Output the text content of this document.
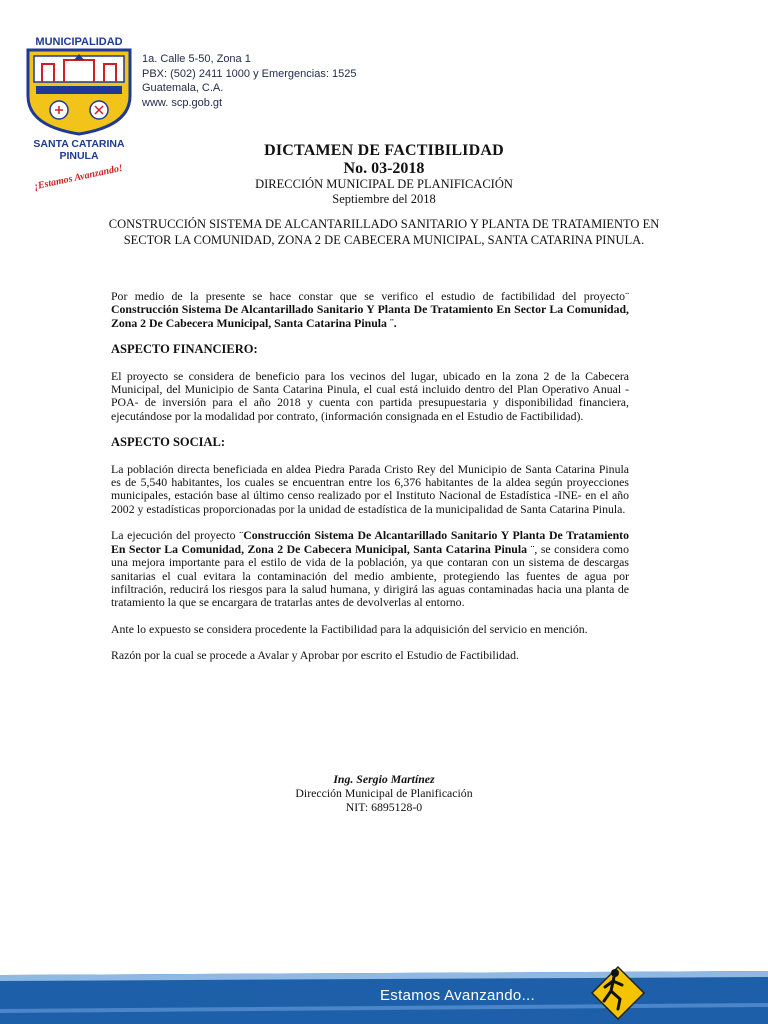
MUNICIPALIDAD
SANTA CATARINA
PINULA
¡Estamos Avanzando!
1a. Calle 5-50, Zona 1
PBX: (502) 2411 1000 y Emergencias: 1525
Guatemala, C.A.
www. scp.gob.gt
DICTAMEN DE FACTIBILIDAD
No. 03-2018
DIRECCIÓN MUNICIPAL DE PLANIFICACIÓN
Septiembre del 2018
CONSTRUCCIÓN SISTEMA DE ALCANTARILLADO SANITARIO Y PLANTA DE TRATAMIENTO EN SECTOR LA COMUNIDAD, ZONA 2 DE CABECERA MUNICIPAL, SANTA CATARINA PINULA.

Por medio de la presente se hace constar que se verifico el estudio de factibilidad del proyecto¨ Construcción Sistema De Alcantarillado Sanitario Y Planta De Tratamiento En Sector La Comunidad, Zona 2 De Cabecera Municipal, Santa Catarina Pinula ¨.

ASPECTO FINANCIERO:

El proyecto se considera de beneficio para los vecinos del lugar, ubicado en la zona 2 de la Cabecera Municipal, del Municipio de Santa Catarina Pinula, el cual está incluido dentro del Plan Operativo Anual -POA- de inversión para el año 2018 y cuenta con partida presupuestaria y disponibilidad financiera, ejecutándose por la modalidad por contrato, (información consignada en el Estudio de Factibilidad).

ASPECTO SOCIAL:

La población directa beneficiada en aldea Piedra Parada Cristo Rey del Municipio de Santa Catarina Pinula es de 5,540 habitantes, los cuales se encuentran entre los 6,376 habitantes de la aldea según proyecciones municipales, estación base al último censo realizado por el Instituto Nacional de Estadística -INE- en el año 2002 y estadísticas proporcionadas por la unidad de estadística de la municipalidad de Santa Catarina Pinula.

La ejecución del proyecto ¨Construcción Sistema De Alcantarillado Sanitario Y Planta De Tratamiento En Sector La Comunidad, Zona 2 De Cabecera Municipal, Santa Catarina Pinula ¨, se considera como una mejora importante para el estilo de vida de la población, ya que contaran con un sistema de descargas sanitarias el cual evitara la contaminación del medio ambiente, protegiendo las fuentes de agua por infiltración, reducirá los riesgos para la salud humana, y dirigirá las aguas contaminadas hacia una planta de tratamiento la que se encargara de tratarlas antes de devolverlas al entorno.

Ante lo expuesto se considera procedente la Factibilidad para la adquisición del servicio en mención.

Razón por la cual se procede a Avalar y Aprobar por escrito el Estudio de Factibilidad.

Ing. Sergio Martínez
Dirección Municipal de Planificación
NIT: 6895128-0
Estamos Avanzando...
